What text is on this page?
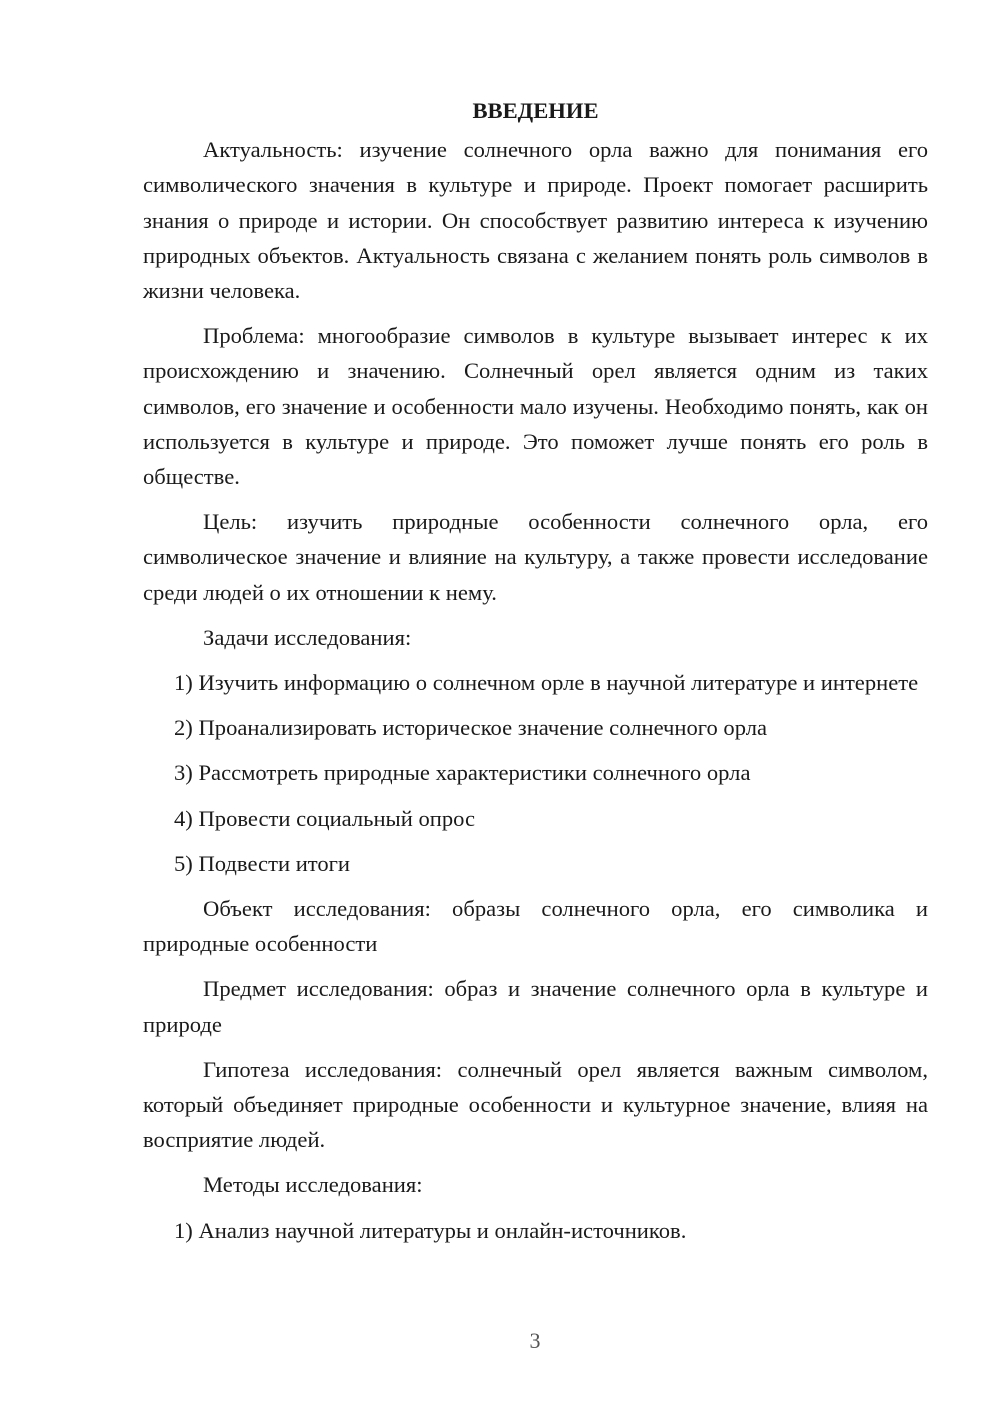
ВВЕДЕНИЕ

Актуальность: изучение солнечного орла важно для понимания его символического значения в культуре и природе. Проект помогает расширить знания о природе и истории. Он способствует развитию интереса к изучению природных объектов. Актуальность связана с желанием понять роль символов в жизни человека.

Проблема: многообразие символов в культуре вызывает интерес к их происхождению и значению. Солнечный орел является одним из таких символов, его значение и особенности мало изучены. Необходимо понять, как он используется в культуре и природе. Это поможет лучше понять его роль в обществе.

Цель: изучить природные особенности солнечного орла, его символическое значение и влияние на культуру, а также провести исследование среди людей о их отношении к нему.

Задачи исследования:

1) Изучить информацию о солнечном орле в научной литературе и интернете

2) Проанализировать историческое значение солнечного орла

3) Рассмотреть природные характеристики солнечного орла

4) Провести социальный опрос

5) Подвести итоги

Объект исследования: образы солнечного орла, его символика и природные особенности

Предмет исследования: образ и значение солнечного орла в культуре и природе

Гипотеза исследования: солнечный орел является важным символом, который объединяет природные особенности и культурное значение, влияя на восприятие людей.

Методы исследования:

1) Анализ научной литературы и онлайн-источников.

3
